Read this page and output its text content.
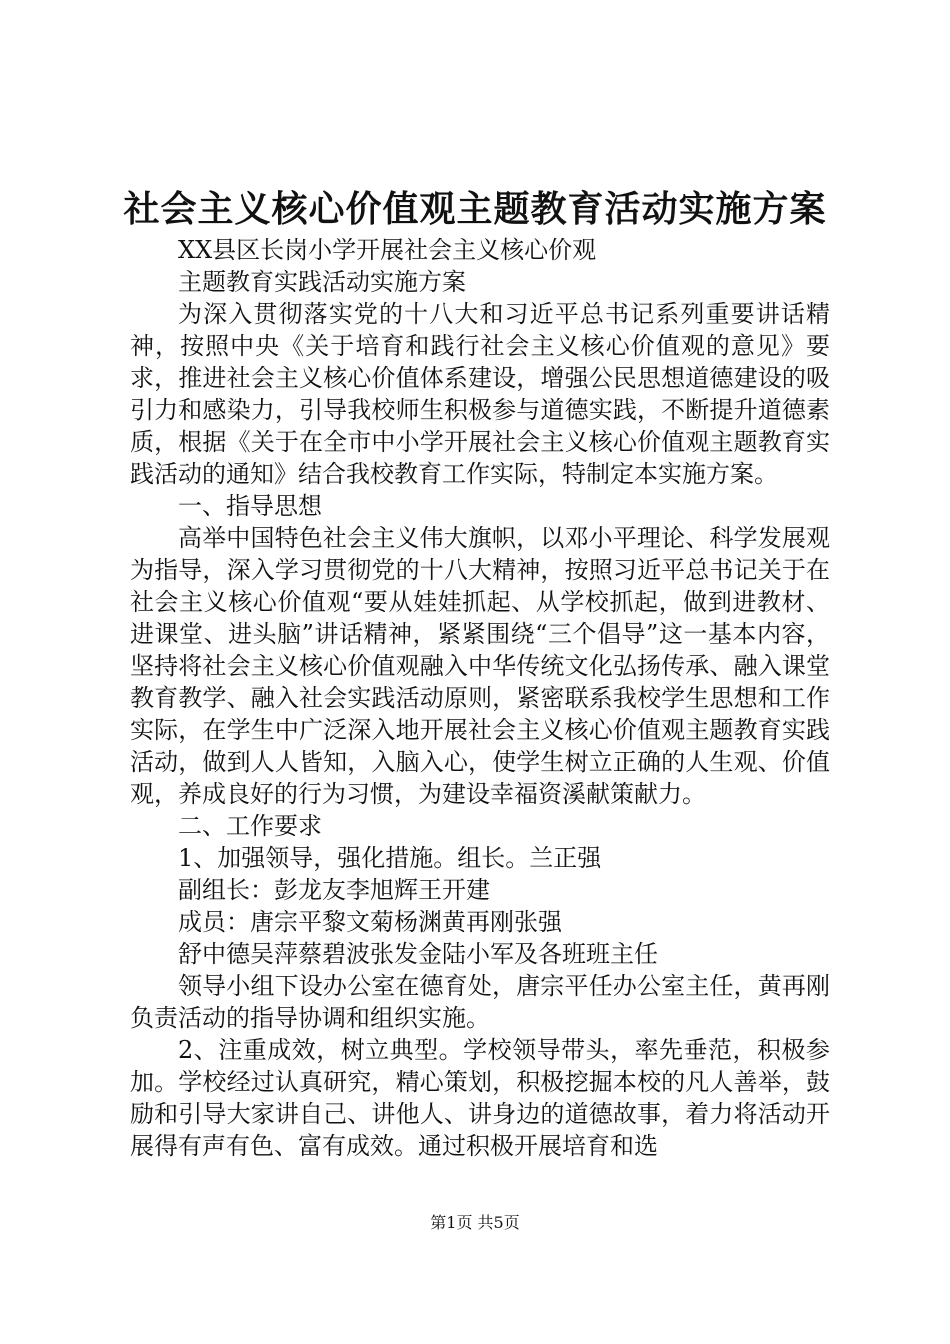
社会主义核心价值观主题教育活动实施方案

XX县区长岗小学开展社会主义核心价观

主题教育实践活动实施方案

为深入贯彻落实党的十八大和习近平总书记系列重要讲话精神，按照中央《关于培育和践行社会主义核心价值观的意见》要求，推进社会主义核心价值体系建设，增强公民思想道德建设的吸引力和感染力，引导我校师生积极参与道德实践，不断提升道德素质，根据《关于在全市中小学开展社会主义核心价值观主题教育实践活动的通知》结合我校教育工作实际，特制定本实施方案。

一、指导思想

高举中国特色社会主义伟大旗帜，以邓小平理论、科学发展观为指导，深入学习贯彻党的十八大精神，按照习近平总书记关于在社会主义核心价值观“要从娃娃抓起、从学校抓起，做到进教材、进课堂、进头脑”讲话精神，紧紧围绕“三个倡导”这一基本内容，坚持将社会主义核心价值观融入中华传统文化弘扬传承、融入课堂教育教学、融入社会实践活动原则，紧密联系我校学生思想和工作实际，在学生中广泛深入地开展社会主义核心价值观主题教育实践活动，做到人人皆知，入脑入心，使学生树立正确的人生观、价值观，养成良好的行为习惯，为建设幸福资溪献策献力。

二、工作要求

1、加强领导，强化措施。组长。兰正强

副组长：彭龙友李旭辉王开建

成员：唐宗平黎文菊杨渊黄再刚张强

舒中德吴萍蔡碧波张发金陆小军及各班班主任

领导小组下设办公室在德育处，唐宗平任办公室主任，黄再刚负责活动的指导协调和组织实施。

2、注重成效，树立典型。学校领导带头，率先垂范，积极参加。学校经过认真研究，精心策划，积极挖掘本校的凡人善举，鼓励和引导大家讲自己、讲他人、讲身边的道德故事，着力将活动开展得有声有色、富有成效。通过积极开展培育和选

第1页 共5页
